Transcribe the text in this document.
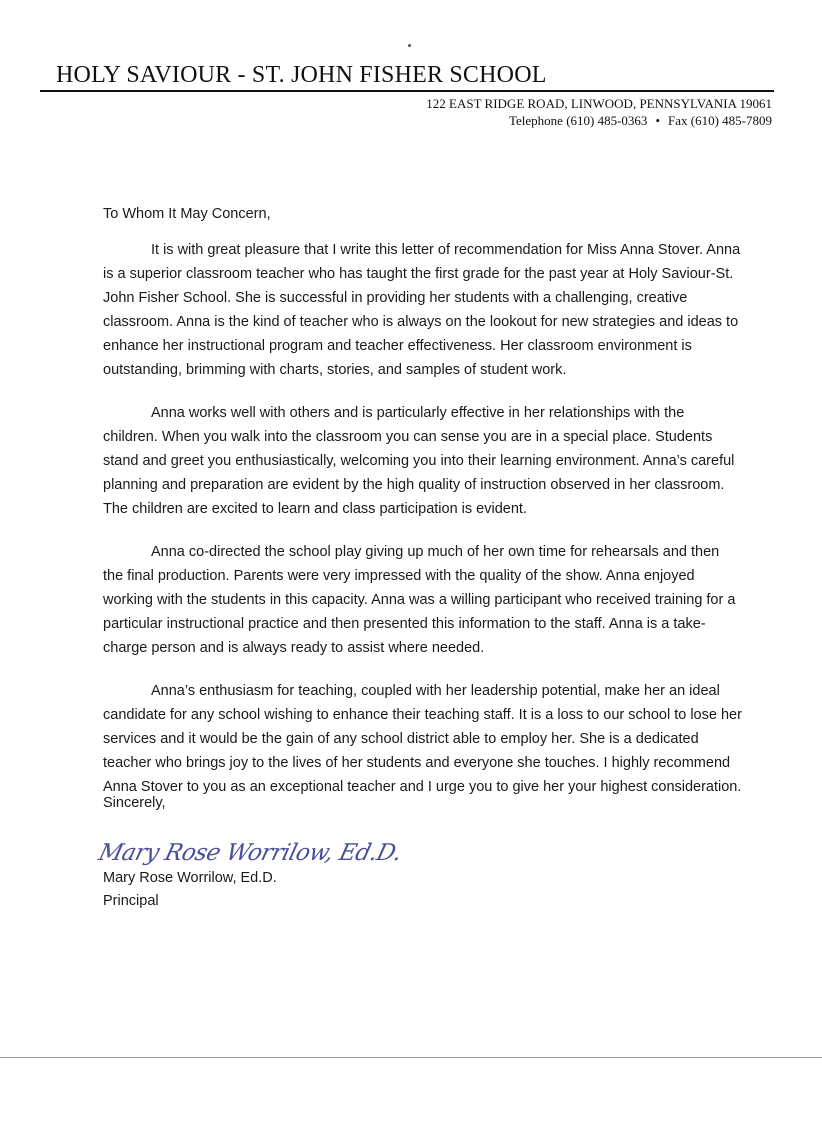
HOLY SAVIOUR - ST. JOHN FISHER SCHOOL
122 EAST RIDGE ROAD, LINWOOD, PENNSYLVANIA 19061
Telephone (610) 485-0363 • Fax (610) 485-7809
To Whom It May Concern,

It is with great pleasure that I write this letter of recommendation for Miss Anna Stover. Anna is a superior classroom teacher who has taught the first grade for the past year at Holy Saviour-St. John Fisher School. She is successful in providing her students with a challenging, creative classroom. Anna is the kind of teacher who is always on the lookout for new strategies and ideas to enhance her instructional program and teacher effectiveness. Her classroom environment is outstanding, brimming with charts, stories, and samples of student work.

Anna works well with others and is particularly effective in her relationships with the children. When you walk into the classroom you can sense you are in a special place. Students stand and greet you enthusiastically, welcoming you into their learning environment. Anna’s careful planning and preparation are evident by the high quality of instruction observed in her classroom. The children are excited to learn and class participation is evident.

Anna co-directed the school play giving up much of her own time for rehearsals and then the final production. Parents were very impressed with the quality of the show. Anna enjoyed working with the students in this capacity. Anna was a willing participant who received training for a particular instructional practice and then presented this information to the staff. Anna is a take-charge person and is always ready to assist where needed.

Anna’s enthusiasm for teaching, coupled with her leadership potential, make her an ideal candidate for any school wishing to enhance their teaching staff. It is a loss to our school to lose her services and it would be the gain of any school district able to employ her. She is a dedicated teacher who brings joy to the lives of her students and everyone she touches. I highly recommend Anna Stover to you as an exceptional teacher and I urge you to give her your highest consideration.

Sincerely,
Mary Rose Worrilow, Ed.D.
Mary Rose Worrilow, Ed.D.
Principal
